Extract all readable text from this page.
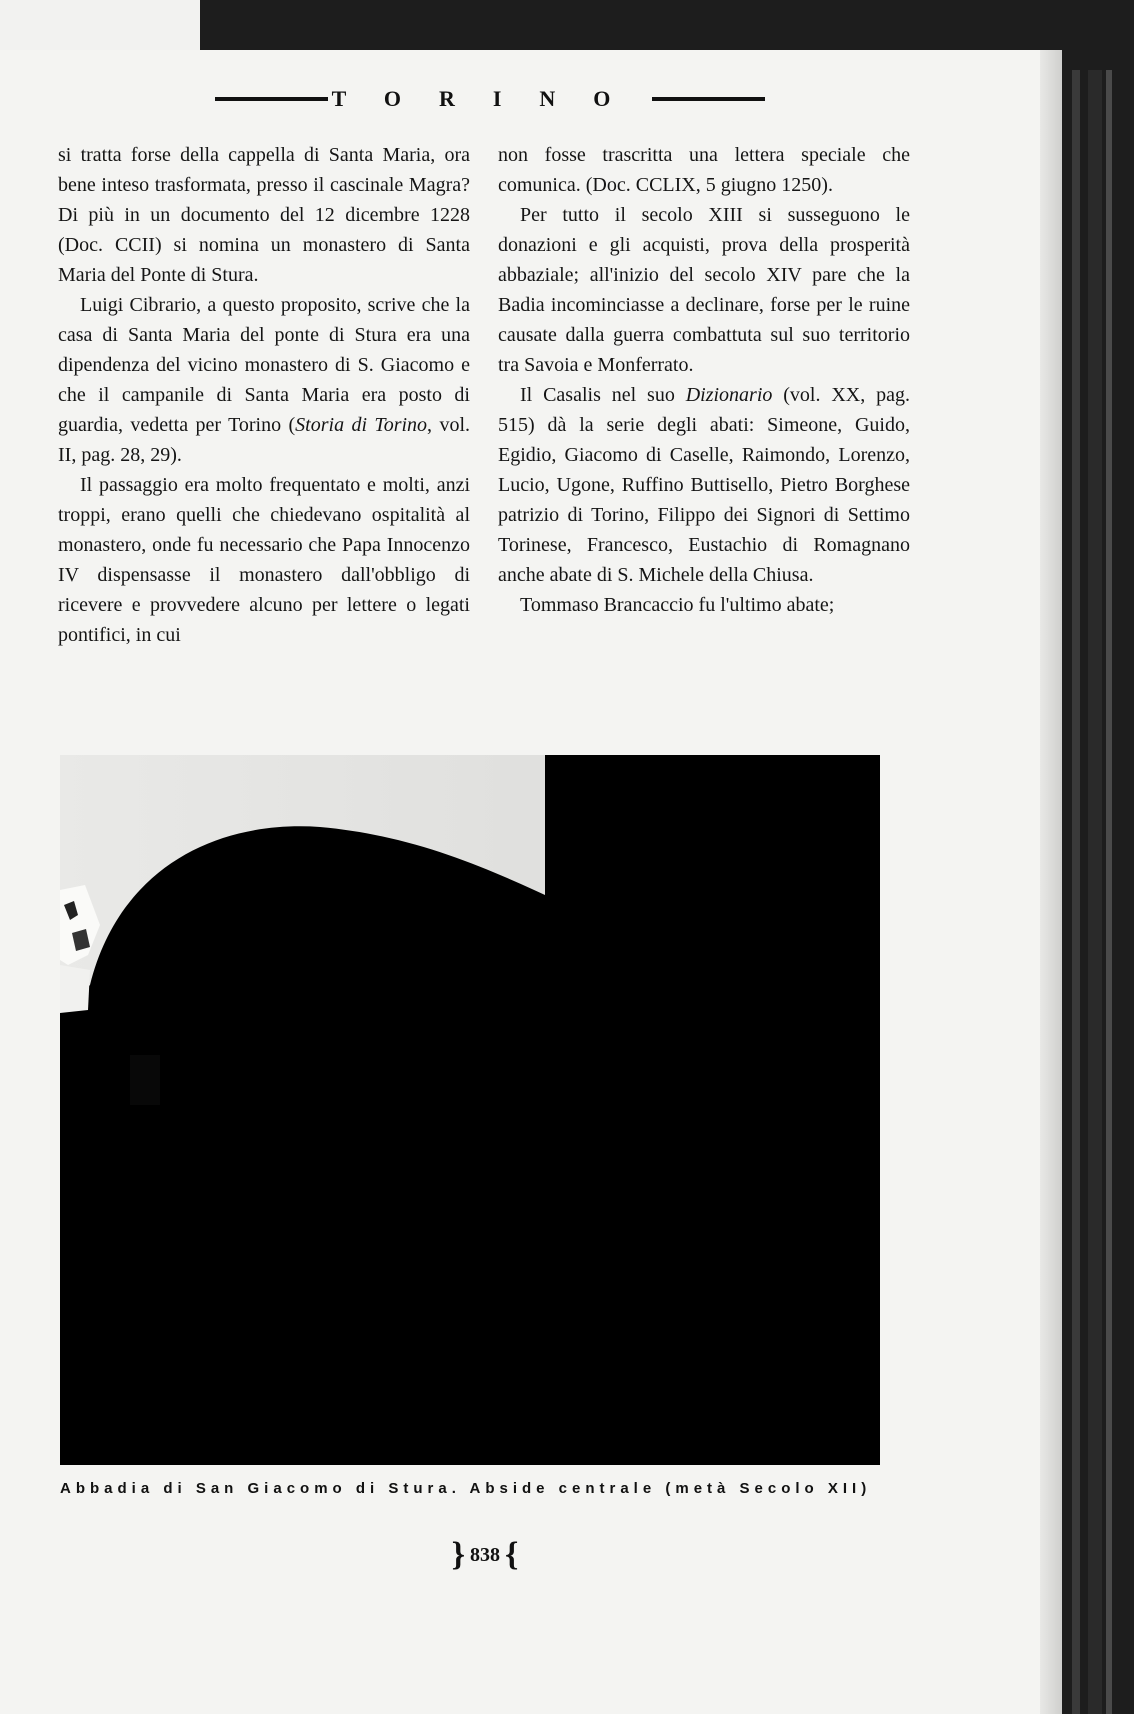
TORINO

si tratta forse della cappella di Santa Maria, ora bene inteso trasformata, presso il cascinale Magra? Di più in un documento del 12 dicembre 1228 (Doc. CCII) si nomina un monastero di Santa Maria del Ponte di Stura.

Luigi Cibrario, a questo proposito, scrive che la casa di Santa Maria del ponte di Stura era una dipendenza del vicino monastero di S. Giacomo e che il campanile di Santa Maria era posto di guardia, vedetta per Torino (Storia di Torino, vol. II, pag. 28, 29).

Il passaggio era molto frequentato e molti, anzi troppi, erano quelli che chiedevano ospitalità al monastero, onde fu necessario che Papa Innocenzo IV dispensasse il monastero dall'obbligo di ricevere e provvedere alcuno per lettere o legati pontifici, in cui

non fosse trascritta una lettera speciale che comunica. (Doc. CCLIX, 5 giugno 1250).

Per tutto il secolo XIII si susseguono le donazioni e gli acquisti, prova della prosperità abbaziale; all'inizio del secolo XIV pare che la Badia incominciasse a declinare, forse per le ruine causate dalla guerra combattuta sul suo territorio tra Savoia e Monferrato.

Il Casalis nel suo Dizionario (vol. XX, pag. 515) dà la serie degli abati: Simeone, Guido, Egidio, Giacomo di Caselle, Raimondo, Lorenzo, Lucio, Ugone, Ruffino Buttisello, Pietro Borghese patrizio di Torino, Filippo dei Signori di Settimo Torinese, Francesco, Eustachio di Romagnano anche abate di S. Michele della Chiusa.

Tommaso Brancaccio fu l'ultimo abate;

Abbadia di San Giacomo di Stura. Abside centrale (metà Secolo XII)
} 838 {
